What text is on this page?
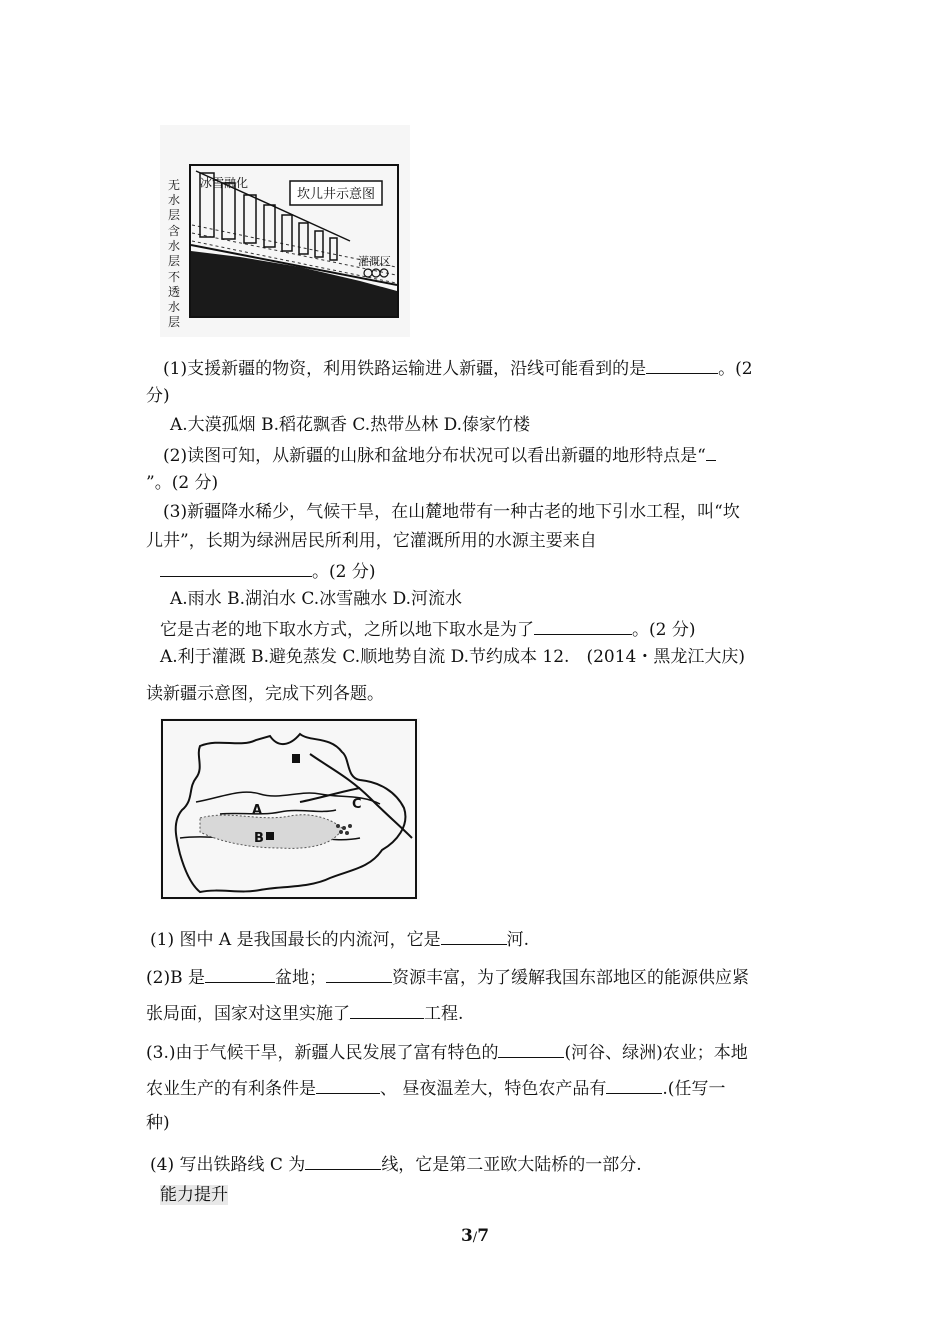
坎儿井示意图
冰雪融化
灌溉区
无水层
含水层
不透水层
(1)支援新疆的物资，利用铁路运输进人新疆，沿线可能看到的是	。(2
分)
A.大漠孤烟 B.稻花飘香 C.热带丛林 D.傣家竹楼
(2)读图可知，从新疆的山脉和盆地分布状况可以看出新疆的地形特点是“
”。(2 分)
(3)新疆降水稀少，气候干旱，在山麓地带有一种古老的地下引水工程，叫“坎
儿井”，长期为绿洲居民所利用，它灌溉所用的水源主要来自
。(2 分)
A.雨水 B.湖泊水 C.冰雪融水 D.河流水
它是古老的地下取水方式，之所以地下取水是为了	。(2 分)
A.利于灌溉 B.避免蒸发 C.顺地势自流 D.节约成本 12.　(2014・黑龙江大庆)
读新疆示意图，完成下列各题。
A
B
C
(1) 图中 A 是我国最长的内流河，它是	河.
(2)B 是	盆地；	资源丰富，为了缓解我国东部地区的能源供应紧
张局面，国家对这里实施了	工程.
(3.)由于气候干旱，新疆人民发展了富有特色的	(河谷、绿洲)农业；本地
农业生产的有利条件是	、 昼夜温差大，特色农产品有	.(任写一
种)
(4) 写出铁路线 C 为	线，它是第二亚欧大陆桥的一部分.
能力提升
3/7
